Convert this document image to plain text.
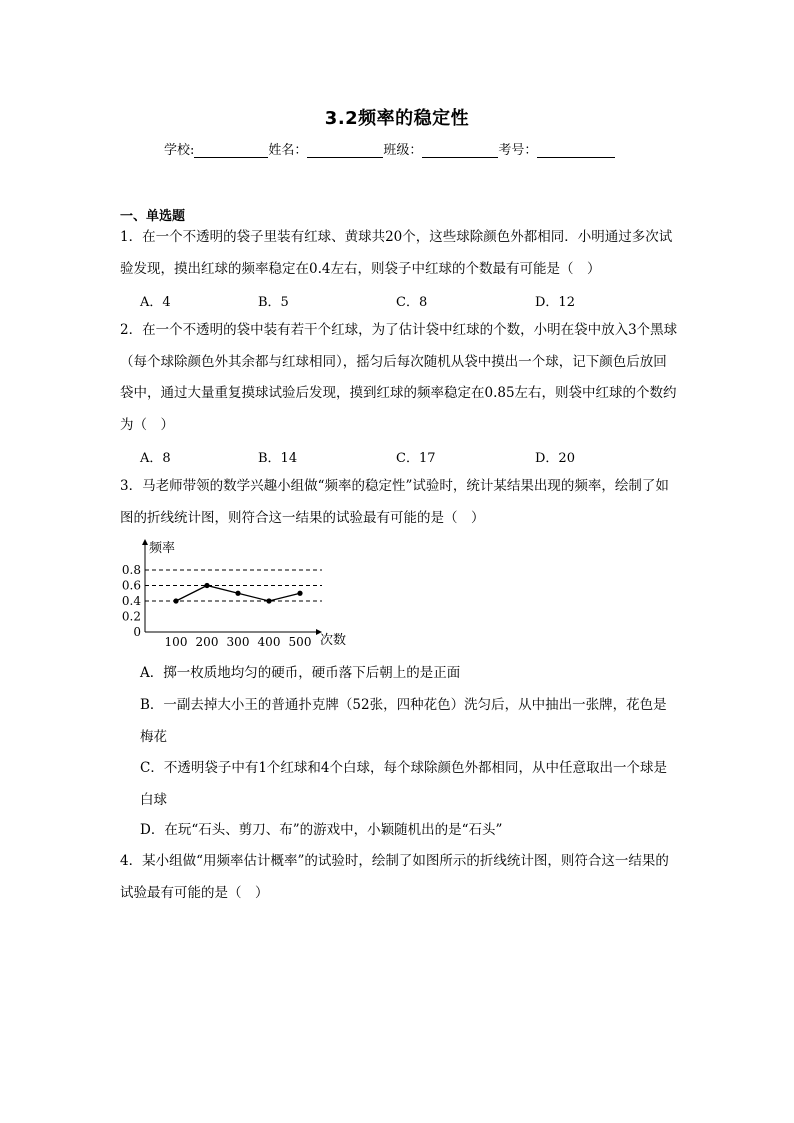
3.2频率的稳定性
学校:	姓名：	班级：	考号：
一、单选题
1．在一个不透明的袋子里装有红球、黄球共20个，这些球除颜色外都相同．小明通过多次试验发现，摸出红球的频率稳定在0.4左右，则袋子中红球的个数最有可能是（　）
A．4	B．5	C．8	D．12
2．在一个不透明的袋中装有若干个红球，为了估计袋中红球的个数，小明在袋中放入3个黑球（每个球除颜色外其余都与红球相同），摇匀后每次随机从袋中摸出一个球，记下颜色后放回袋中，通过大量重复摸球试验后发现，摸到红球的频率稳定在0.85左右，则袋中红球的个数约为（　）
A．8	B．14	C．17	D．20
3．马老师带领的数学兴趣小组做“频率的稳定性”试验时，统计某结果出现的频率，绘制了如图的折线统计图，则符合这一结果的试验最有可能的是（　）
0
0.2
0.4
0.6
0.8
100 200 300 400 500
频率
次数
A．掷一枚质地均匀的硬币，硬币落下后朝上的是正面
B．一副去掉大小王的普通扑克牌（52张，四种花色）洗匀后，从中抽出一张牌，花色是梅花
C．不透明袋子中有1个红球和4个白球，每个球除颜色外都相同，从中任意取出一个球是白球
D．在玩“石头、剪刀、布”的游戏中，小颖随机出的是“石头”
4．某小组做“用频率估计概率”的试验时，绘制了如图所示的折线统计图，则符合这一结果的试验最有可能的是（　）
